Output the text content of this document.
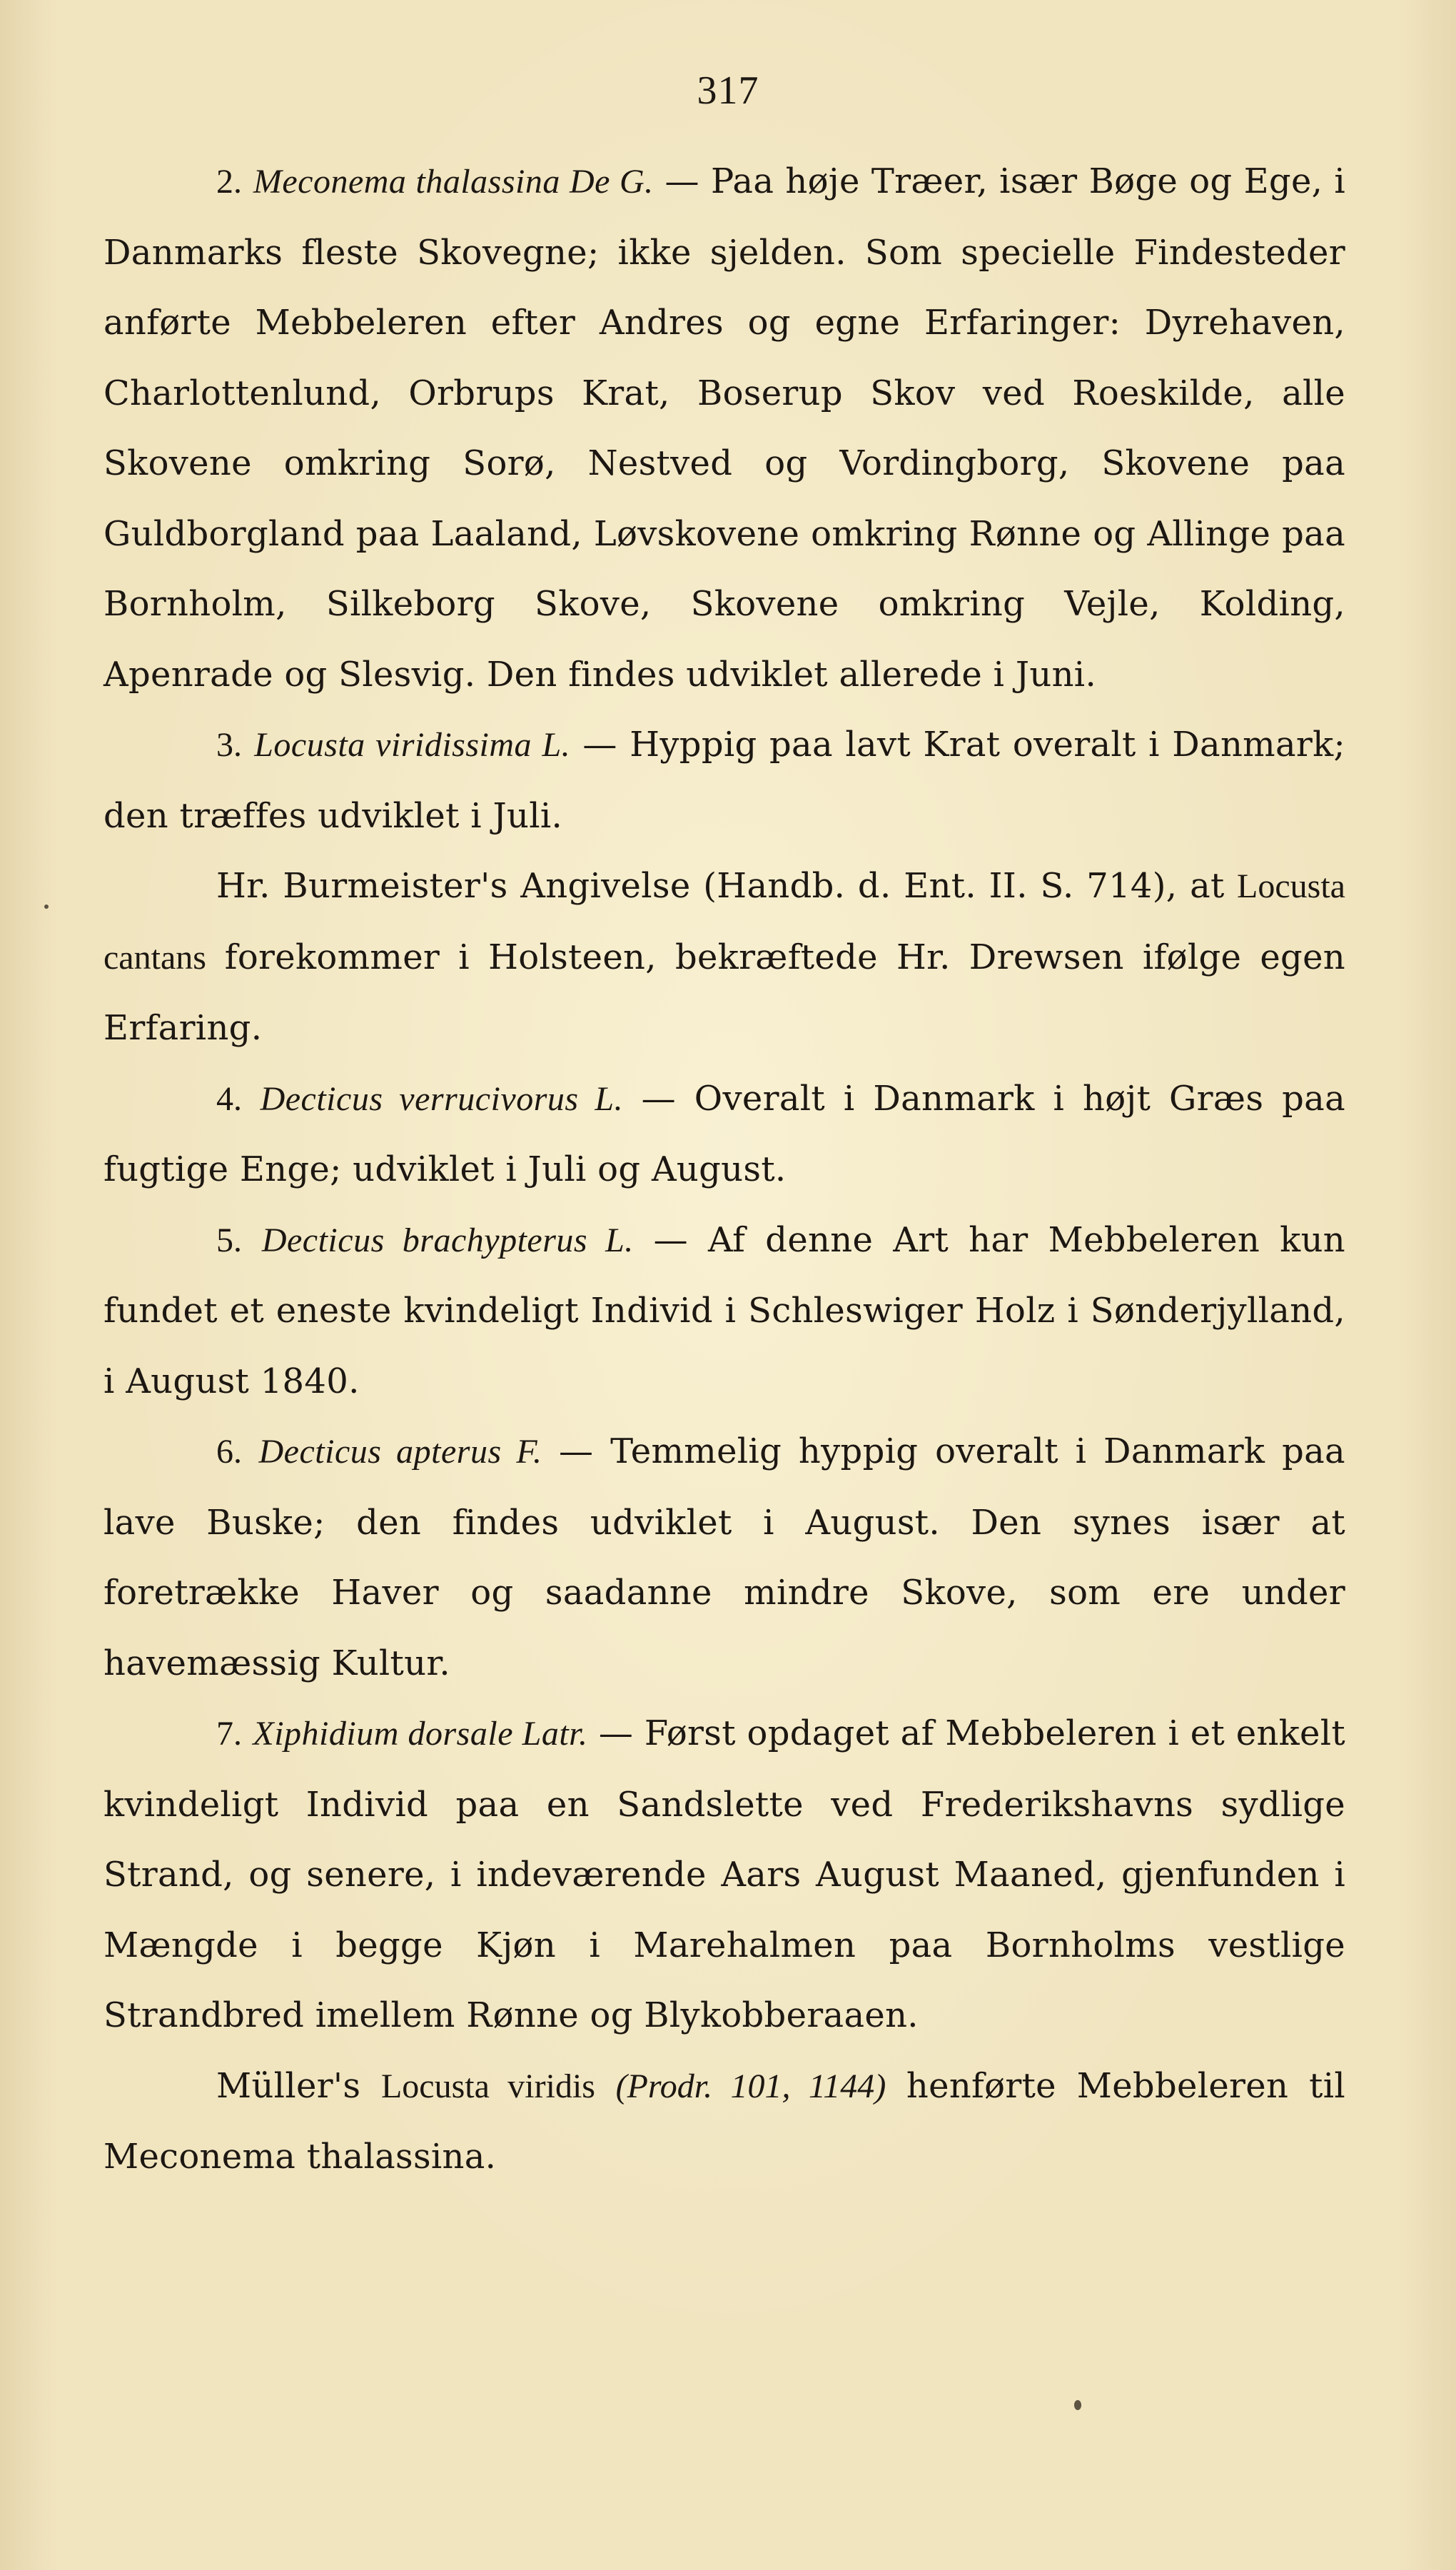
317

2. Meconema thalassina De G. — Paa høje Træer, især Bøge og Ege, i Danmarks fleste Skovegne; ikke sjelden. Som specielle Findesteder anførte Mebbeleren efter Andres og egne Erfaringer: Dyrehaven, Charlottenlund, Orbrups Krat, Boserup Skov ved Roeskilde, alle Skovene omkring Sorø, Nestved og Vordingborg, Skovene paa Guldborgland paa Laaland, Løvskovene omkring Rønne og Allinge paa Bornholm, Silkeborg Skove, Skovene omkring Vejle, Kolding, Apenrade og Slesvig. Den findes udviklet allerede i Juni.

3. Locusta viridissima L. — Hyppig paa lavt Krat overalt i Danmark; den træffes udviklet i Juli.

Hr. Burmeister's Angivelse (Handb. d. Ent. II. S. 714), at Locusta cantans forekommer i Holsteen, bekræftede Hr. Drewsen ifølge egen Erfaring.

4. Decticus verrucivorus L. — Overalt i Danmark i højt Græs paa fugtige Enge; udviklet i Juli og August.

5. Decticus brachypterus L. — Af denne Art har Mebbeleren kun fundet et eneste kvindeligt Individ i Schleswiger Holz i Sønderjylland, i August 1840.

6. Decticus apterus F. — Temmelig hyppig overalt i Danmark paa lave Buske; den findes udviklet i August. Den synes især at foretrække Haver og saadanne mindre Skove, som ere under havemæssig Kultur.

7. Xiphidium dorsale Latr. — Først opdaget af Mebbeleren i et enkelt kvindeligt Individ paa en Sandslette ved Frederikshavns sydlige Strand, og senere, i indeværende Aars August Maaned, gjenfunden i Mængde i begge Kjøn i Marehalmen paa Bornholms vestlige Strandbred imellem Rønne og Blykobberaaen.

Müller's Locusta viridis (Prodr. 101, 1144) henførte Mebbeleren til Meconema thalassina.
